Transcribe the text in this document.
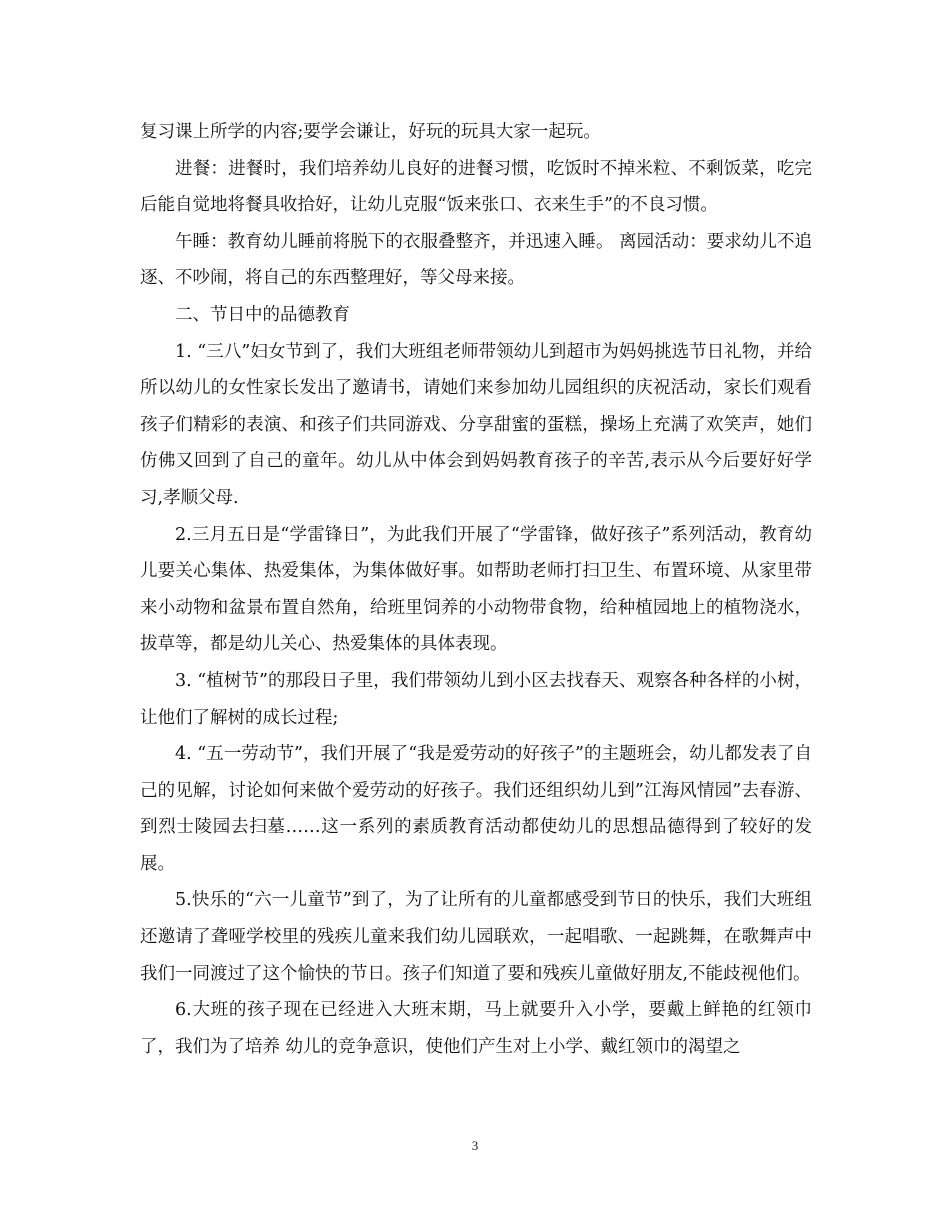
复习课上所学的内容;要学会谦让，好玩的玩具大家一起玩。

进餐：进餐时，我们培养幼儿良好的进餐习惯，吃饭时不掉米粒、不剩饭菜，吃完后能自觉地将餐具收拾好，让幼儿克服“饭来张口、衣来生手”的不良习惯。

午睡：教育幼儿睡前将脱下的衣服叠整齐，并迅速入睡。 离园活动：要求幼儿不追逐、不吵闹，将自己的东西整理好，等父母来接。

二、节日中的品德教育

1. “三八”妇女节到了，我们大班组老师带领幼儿到超市为妈妈挑选节日礼物，并给所以幼儿的女性家长发出了邀请书，请她们来参加幼儿园组织的庆祝活动，家长们观看孩子们精彩的表演、和孩子们共同游戏、分享甜蜜的蛋糕，操场上充满了欢笑声，她们仿佛又回到了自己的童年。幼儿从中体会到妈妈教育孩子的辛苦,表示从今后要好好学习,孝顺父母.

2.三月五日是“学雷锋日”，为此我们开展了“学雷锋，做好孩子”系列活动，教育幼儿要关心集体、热爱集体，为集体做好事。如帮助老师打扫卫生、布置环境、从家里带来小动物和盆景布置自然角，给班里饲养的小动物带食物，给种植园地上的植物浇水，拔草等，都是幼儿关心、热爱集体的具体表现。

3. “植树节”的那段日子里，我们带领幼儿到小区去找春天、观察各种各样的小树，让他们了解树的成长过程;

4. “五一劳动节”，我们开展了“我是爱劳动的好孩子”的主题班会，幼儿都发表了自己的见解，讨论如何来做个爱劳动的好孩子。我们还组织幼儿到”江海风情园”去春游、到烈士陵园去扫墓……这一系列的素质教育活动都使幼儿的思想品德得到了较好的发展。

5.快乐的“六一儿童节”到了，为了让所有的儿童都感受到节日的快乐，我们大班组还邀请了聋哑学校里的残疾儿童来我们幼儿园联欢，一起唱歌、一起跳舞，在歌舞声中我们一同渡过了这个愉快的节日。孩子们知道了要和残疾儿童做好朋友,不能歧视他们。

6.大班的孩子现在已经进入大班末期，马上就要升入小学，要戴上鲜艳的红领巾了，我们为了培养 幼儿的竞争意识，使他们产生对上小学、戴红领巾的渴望之

3
